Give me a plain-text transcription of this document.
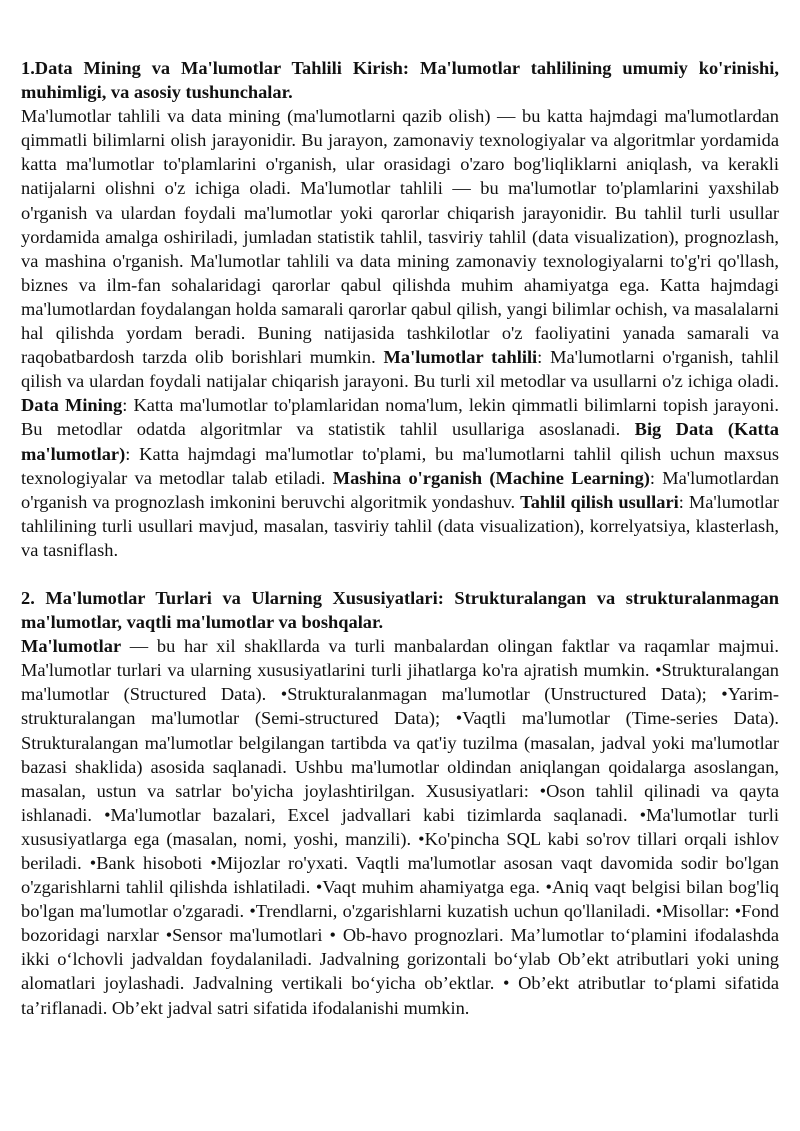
1.Data Mining va Ma'lumotlar Tahlili Kirish: Ma'lumotlar tahlilining umumiy ko'rinishi, muhimligi, va asosiy tushunchalar.

Ma'lumotlar tahlili va data mining (ma'lumotlarni qazib olish) — bu katta hajmdagi ma'lumotlardan qimmatli bilimlarni olish jarayonidir. Bu jarayon, zamonaviy texnologiyalar va algoritmlar yordamida katta ma'lumotlar to'plamlarini o'rganish, ular orasidagi o'zaro bog'liqliklarni aniqlash, va kerakli natijalarni olishni o'z ichiga oladi. Ma'lumotlar tahlili — bu ma'lumotlar to'plamlarini yaxshilab o'rganish va ulardan foydali ma'lumotlar yoki qarorlar chiqarish jarayonidir. Bu tahlil turli usullar yordamida amalga oshiriladi, jumladan statistik tahlil, tasviriy tahlil (data visualization), prognozlash, va mashina o'rganish. Ma'lumotlar tahlili va data mining zamonaviy texnologiyalarni to'g'ri qo'llash, biznes va ilm-fan sohalaridagi qarorlar qabul qilishda muhim ahamiyatga ega. Katta hajmdagi ma'lumotlardan foydalangan holda samarali qarorlar qabul qilish, yangi bilimlar ochish, va masalalarni hal qilishda yordam beradi. Buning natijasida tashkilotlar o'z faoliyatini yanada samarali va raqobatbardosh tarzda olib borishlari mumkin. Ma'lumotlar tahlili: Ma'lumotlarni o'rganish, tahlil qilish va ulardan foydali natijalar chiqarish jarayoni. Bu turli xil metodlar va usullarni o'z ichiga oladi. Data Mining: Katta ma'lumotlar to'plamlaridan noma'lum, lekin qimmatli bilimlarni topish jarayoni. Bu metodlar odatda algoritmlar va statistik tahlil usullariga asoslanadi. Big Data (Katta ma'lumotlar): Katta hajmdagi ma'lumotlar to'plami, bu ma'lumotlarni tahlil qilish uchun maxsus texnologiyalar va metodlar talab etiladi. Mashina o'rganish (Machine Learning): Ma'lumotlardan o'rganish va prognozlash imkonini beruvchi algoritmik yondashuv. Tahlil qilish usullari: Ma'lumotlar tahlilining turli usullari mavjud, masalan, tasviriy tahlil (data visualization), korrelyatsiya, klasterlash, va tasniflash.

2. Ma'lumotlar Turlari va Ularning Xususiyatlari: Strukturalangan va strukturalanmagan ma'lumotlar, vaqtli ma'lumotlar va boshqalar.

Ma'lumotlar — bu har xil shakllarda va turli manbalardan olingan faktlar va raqamlar majmui. Ma'lumotlar turlari va ularning xususiyatlarini turli jihatlarga ko'ra ajratish mumkin. •Strukturalangan ma'lumotlar (Structured Data). •Strukturalanmagan ma'lumotlar (Unstructured Data); •Yarim-strukturalangan ma'lumotlar (Semi-structured Data); •Vaqtli ma'lumotlar (Time-series Data). Strukturalangan ma'lumotlar belgilangan tartibda va qat'iy tuzilma (masalan, jadval yoki ma'lumotlar bazasi shaklida) asosida saqlanadi. Ushbu ma'lumotlar oldindan aniqlangan qoidalarga asoslangan, masalan, ustun va satrlar bo'yicha joylashtirilgan. Xususiyatlari: •Oson tahlil qilinadi va qayta ishlanadi. •Ma'lumotlar bazalari, Excel jadvallari kabi tizimlarda saqlanadi. •Ma'lumotlar turli xususiyatlarga ega (masalan, nomi, yoshi, manzili). •Ko'pincha SQL kabi so'rov tillari orqali ishlov beriladi. •Bank hisoboti •Mijozlar ro'yxati. Vaqtli ma'lumotlar asosan vaqt davomida sodir bo'lgan o'zgarishlarni tahlil qilishda ishlatiladi. •Vaqt muhim ahamiyatga ega. •Aniq vaqt belgisi bilan bog'liq bo'lgan ma'lumotlar o'zgaradi. •Trendlarni, o'zgarishlarni kuzatish uchun qo'llaniladi. •Misollar: •Fond bozoridagi narxlar •Sensor ma'lumotlari • Ob-havo prognozlari. Ma’lumotlar to‘plamini ifodalashda ikki o‘lchovli jadvaldan foydalaniladi. Jadvalning gorizontali bo‘ylab Ob’ekt atributlari yoki uning alomatlari joylashadi. Jadvalning vertikali bo‘yicha ob’ektlar. • Ob’ekt atributlar to‘plami sifatida ta’riflanadi. Ob’ekt jadval satri sifatida ifodalanishi mumkin.
